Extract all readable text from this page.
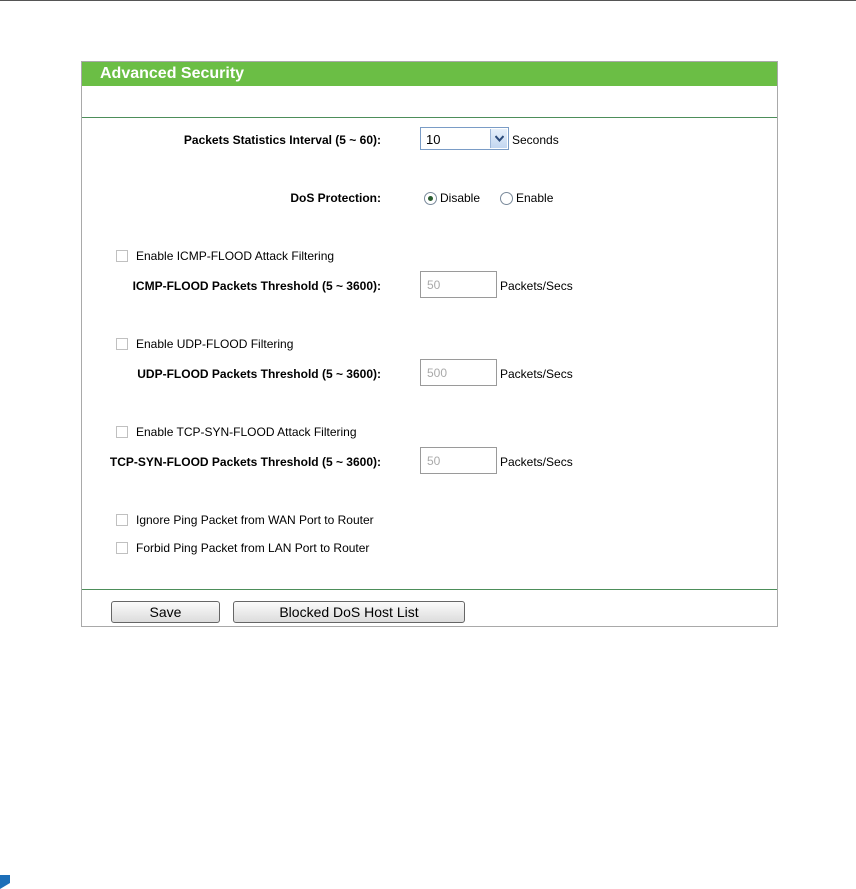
Advanced Security
Packets Statistics Interval (5 ~ 60):	10	Seconds
DoS Protection:	Disable	Enable
Enable ICMP-FLOOD Attack Filtering
ICMP-FLOOD Packets Threshold (5 ~ 3600):	50	Packets/Secs
Enable UDP-FLOOD Filtering
UDP-FLOOD Packets Threshold (5 ~ 3600):	500	Packets/Secs
Enable TCP-SYN-FLOOD Attack Filtering
TCP-SYN-FLOOD Packets Threshold (5 ~ 3600):	50	Packets/Secs
Ignore Ping Packet from WAN Port to Router
Forbid Ping Packet from LAN Port to Router
Save	Blocked DoS Host List
